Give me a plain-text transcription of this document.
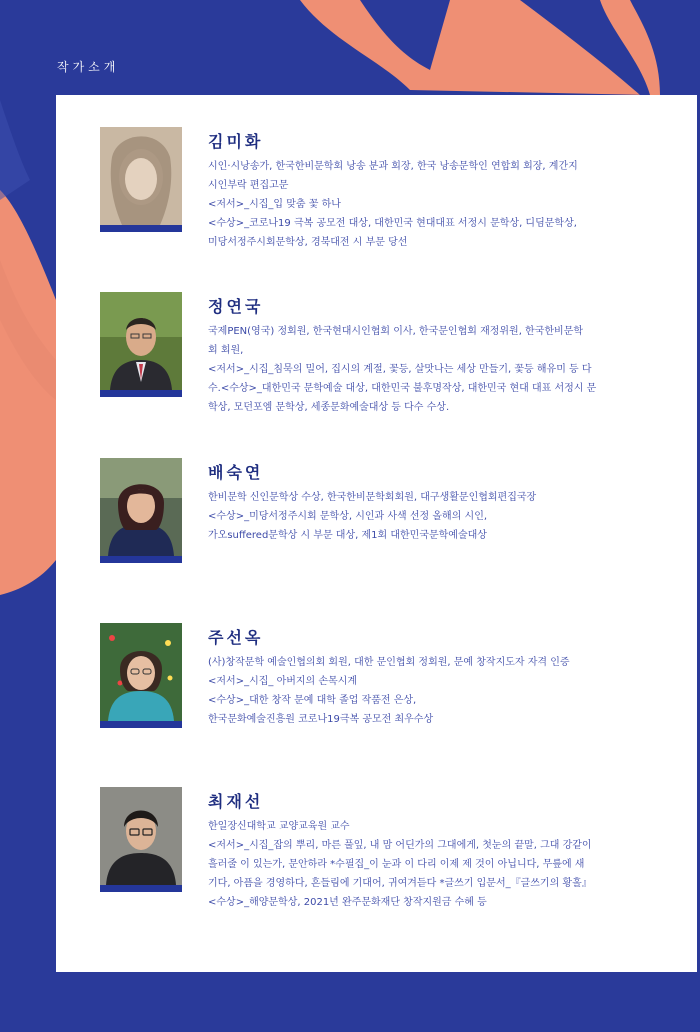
작가소개
김미화
시인·시낭송가, 한국한비문학회 낭송 분과 회장, 한국 낭송문학인 연합회 회장, 계간지
시인부락 편집고문
<저서>_시집_입 맞춤 꽃 하나
<수상>_코로나19 극복 공모전 대상, 대한민국 현대대표 서정시 문학상, 디딤문학상,
미당서정주시회문학상, 경북대전 시 부문 당선
정연국
국제PEN(영국) 정회원, 한국현대시인협회 이사, 한국문인협회 재정위원, 한국한비문학
회 회원,
<저서>_시집_침묵의 밀어, 집시의 계절, 꽃등, 살맛나는 세상 만들기, 꽃등 해유미 등 다
수.<수상>_대한민국 문학예술 대상, 대한민국 불후명작상, 대한민국 현대 대표 서정시 문
학상, 모던포엠 문학상, 세종문화예술대상 등 다수 수상.
배숙연
한비문학 신인문학상 수상, 한국한비문학회회원, 대구생활문인협회편집국장
<수상>_미당서정주시회 문학상, 시인과 사색 선정 올해의 시인,
가오suffered문학상 시 부문 대상, 제1회 대한민국문학예술대상
주선옥
(사)창작문학 예술인협의회 회원, 대한 문인협회 정회원, 문예 창작지도자 자격 인증
<저서>_시집_ 아버지의 손목시계
<수상>_대한 창작 문예 대학 졸업 작품전 은상,
한국문화예술진흥원 코로나19극복 공모전 최우수상
최재선
한일장신대학교 교양교육원 교수
<저서>_시집_잡의 뿌리, 마른 풀잎, 내 맘 어딘가의 그대에게, 첫눈의 끝말, 그대 강같이
흘러줄 이 있는가, 문안하라 *수필집_이 눈과 이 다리 이제 제 것이 아닙니다, 무릎에 새
기다, 아픔을 경영하다, 흔들림에 기대어, 귀여겨듣다 *글쓰기 입문서_『글쓰기의 황홀』
<수상>_해양문학상, 2021년 완주문화재단 창작지원금 수혜 등
